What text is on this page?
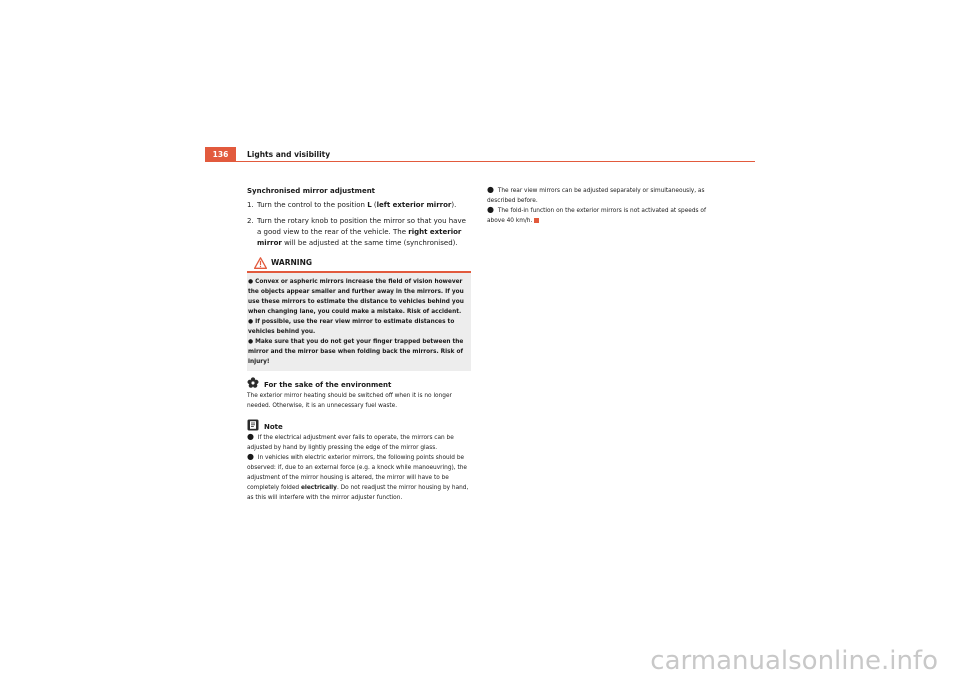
136	Lights and visibility
Synchronised mirror adjustment
1. Turn the control to the position L (left exterior mirror).
2. Turn the rotary knob to position the mirror so that you have a good view to the rear of the vehicle. The right exterior mirror will be adjusted at the same time (synchronised).
WARNING
● Convex or aspheric mirrors increase the field of vision however the objects appear smaller and further away in the mirrors. If you use these mirrors to estimate the distance to vehicles behind you when changing lane, you could make a mistake. Risk of accident.
● If possible, use the rear view mirror to estimate distances to vehicles behind you.
● Make sure that you do not get your finger trapped between the mirror and the mirror base when folding back the mirrors. Risk of injury!
For the sake of the environment

The exterior mirror heating should be switched off when it is no longer needed. Otherwise, it is an unnecessary fuel waste.

Note
● If the electrical adjustment ever fails to operate, the mirrors can be adjusted by hand by lightly pressing the edge of the mirror glass.
● In vehicles with electric exterior mirrors, the following points should be observed: if, due to an external force (e.g. a knock while manoeuvring), the adjustment of the mirror housing is altered, the mirror will have to be completely folded electrically. Do not readjust the mirror housing by hand, as this will interfere with the mirror adjuster function.
● The rear view mirrors can be adjusted separately or simultaneously, as described before.
● The fold-in function on the exterior mirrors is not activated at speeds of above 40 km/h.
carmanualsonline.info
